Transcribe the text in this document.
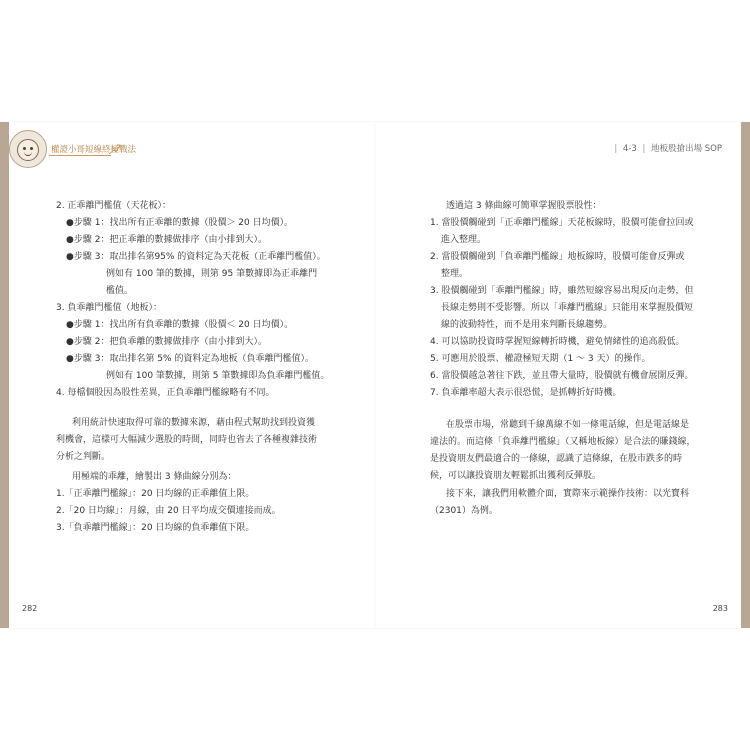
權證小哥短線終極戰法	| 4-3 | 地板股搶出場 SOP
2. 正乖離門檻值（天花板）：
●步驟 1：找出所有正乖離的數據（股價＞ 20 日均價）。
●步驟 2：把正乖離的數據做排序（由小排到大）。
●步驟 3：取出排名第95% 的資料定為天花板（正乖離門檻值）。
例如有 100 筆的數據，則第 95 筆數據即為正乖離門
檻值。
3. 負乖離門檻值（地板）：
●步驟 1：找出所有負乖離的數據（股價＜ 20 日均價）。
●步驟 2：把負乖離的數據做排序（由小排到大）。
●步驟 3：取出排名第 5% 的資料定為地板（負乖離門檻值）。
例如有 100 筆數據，則第 5 筆數據即為負乖離門檻值。
4. 每檔個股因為股性差異，正負乖離門檻線略有不同。
利用統計快速取得可靠的數據來源，藉由程式幫助找到投資獲
利機會，這樣可大幅減少選股的時間，同時也省去了各種複雜技術
分析之判斷。
用極端的乖離，繪製出 3 條曲線分別為：
1.「正乖離門檻線」：20 日均線的正乖離值上限。
2.「20 日均線」：月線，由 20 日平均成交價連接而成。
3.「負乖離門檻線」：20 日均線的負乖離值下限。
透過這 3 條曲線可簡單掌握股票股性：
1. 當股價觸碰到「正乖離門檻線」天花板線時，股價可能會拉回或
進入整理。
2. 當股價觸碰到「負乖離門檻線」地板線時，股價可能會反彈或
整理。
3. 股價觸碰到「乖離門檻線」時，雖然短線容易出現反向走勢，但
長線走勢則不受影響。所以「乖離門檻線」只能用來掌握股價短
線的波動特性，而不是用來判斷長線趨勢。
4. 可以協助投資時掌握短線轉折時機，避免情緒性的追高殺低。
5. 可應用於股票、權證極短天期（1 ～ 3 天）的操作。
6. 當股價越急著往下跌，並且帶大量時，股價就有機會展開反彈。
7. 負乖離率超大表示很恐慌，是抓轉折好時機。
在股票市場，常聽到千線萬線不如一條電話線，但是電話線是
違法的。而這條「負乖離門檻線」（又稱地板線）是合法的賺錢線，
是投資朋友們最適合的一條線，認識了這條線，在股市跌多的時
候，可以讓投資朋友輕鬆抓出獲利反彈股。
接下來，讓我們用軟體介面，實際來示範操作技術：以光寶科
（2301）為例。
282	283
